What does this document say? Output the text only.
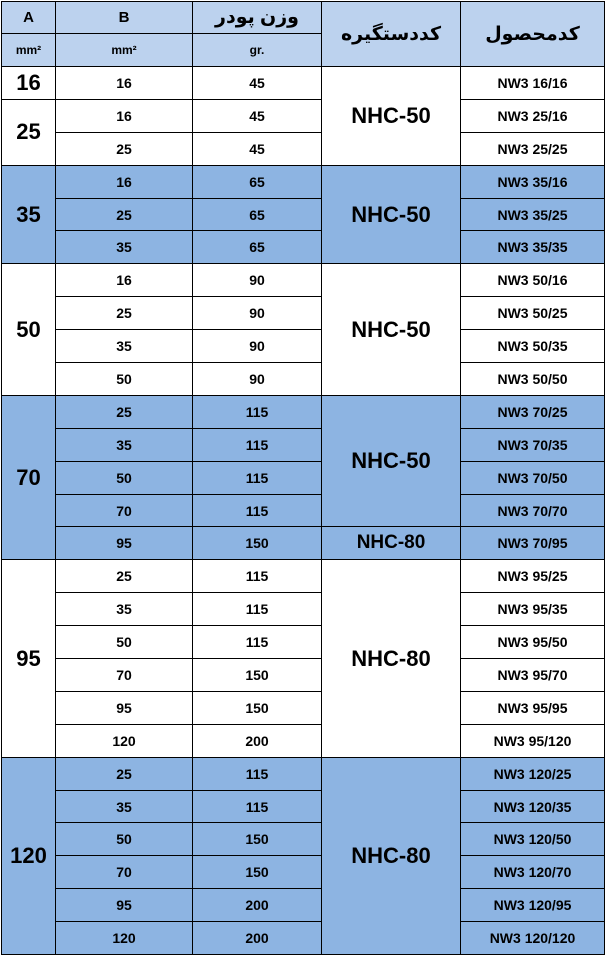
A	B	وزن پودر	کددستگیره	کدمحصول
mm²	mm²	gr.		
16	16	45	NHC-50	NW3 16/16
25	16	45		NW3 25/16
	25	45		NW3 25/25
35	16	65	NHC-50	NW3 35/16
	25	65		NW3 35/25
	35	65		NW3 35/35
50	16	90	NHC-50	NW3 50/16
	25	90		NW3 50/25
	35	90		NW3 50/35
	50	90		NW3 50/50
70	25	115	NHC-50	NW3 70/25
	35	115		NW3 70/35
	50	115		NW3 70/50
	70	115		NW3 70/70
	95	150	NHC-80	NW3 70/95
95	25	115	NHC-80	NW3 95/25
	35	115		NW3 95/35
	50	115		NW3 95/50
	70	150		NW3 95/70
	95	150		NW3 95/95
	120	200		NW3 95/120
120	25	115	NHC-80	NW3 120/25
	35	115		NW3 120/35
	50	150		NW3 120/50
	70	150		NW3 120/70
	95	200		NW3 120/95
	120	200		NW3 120/120
